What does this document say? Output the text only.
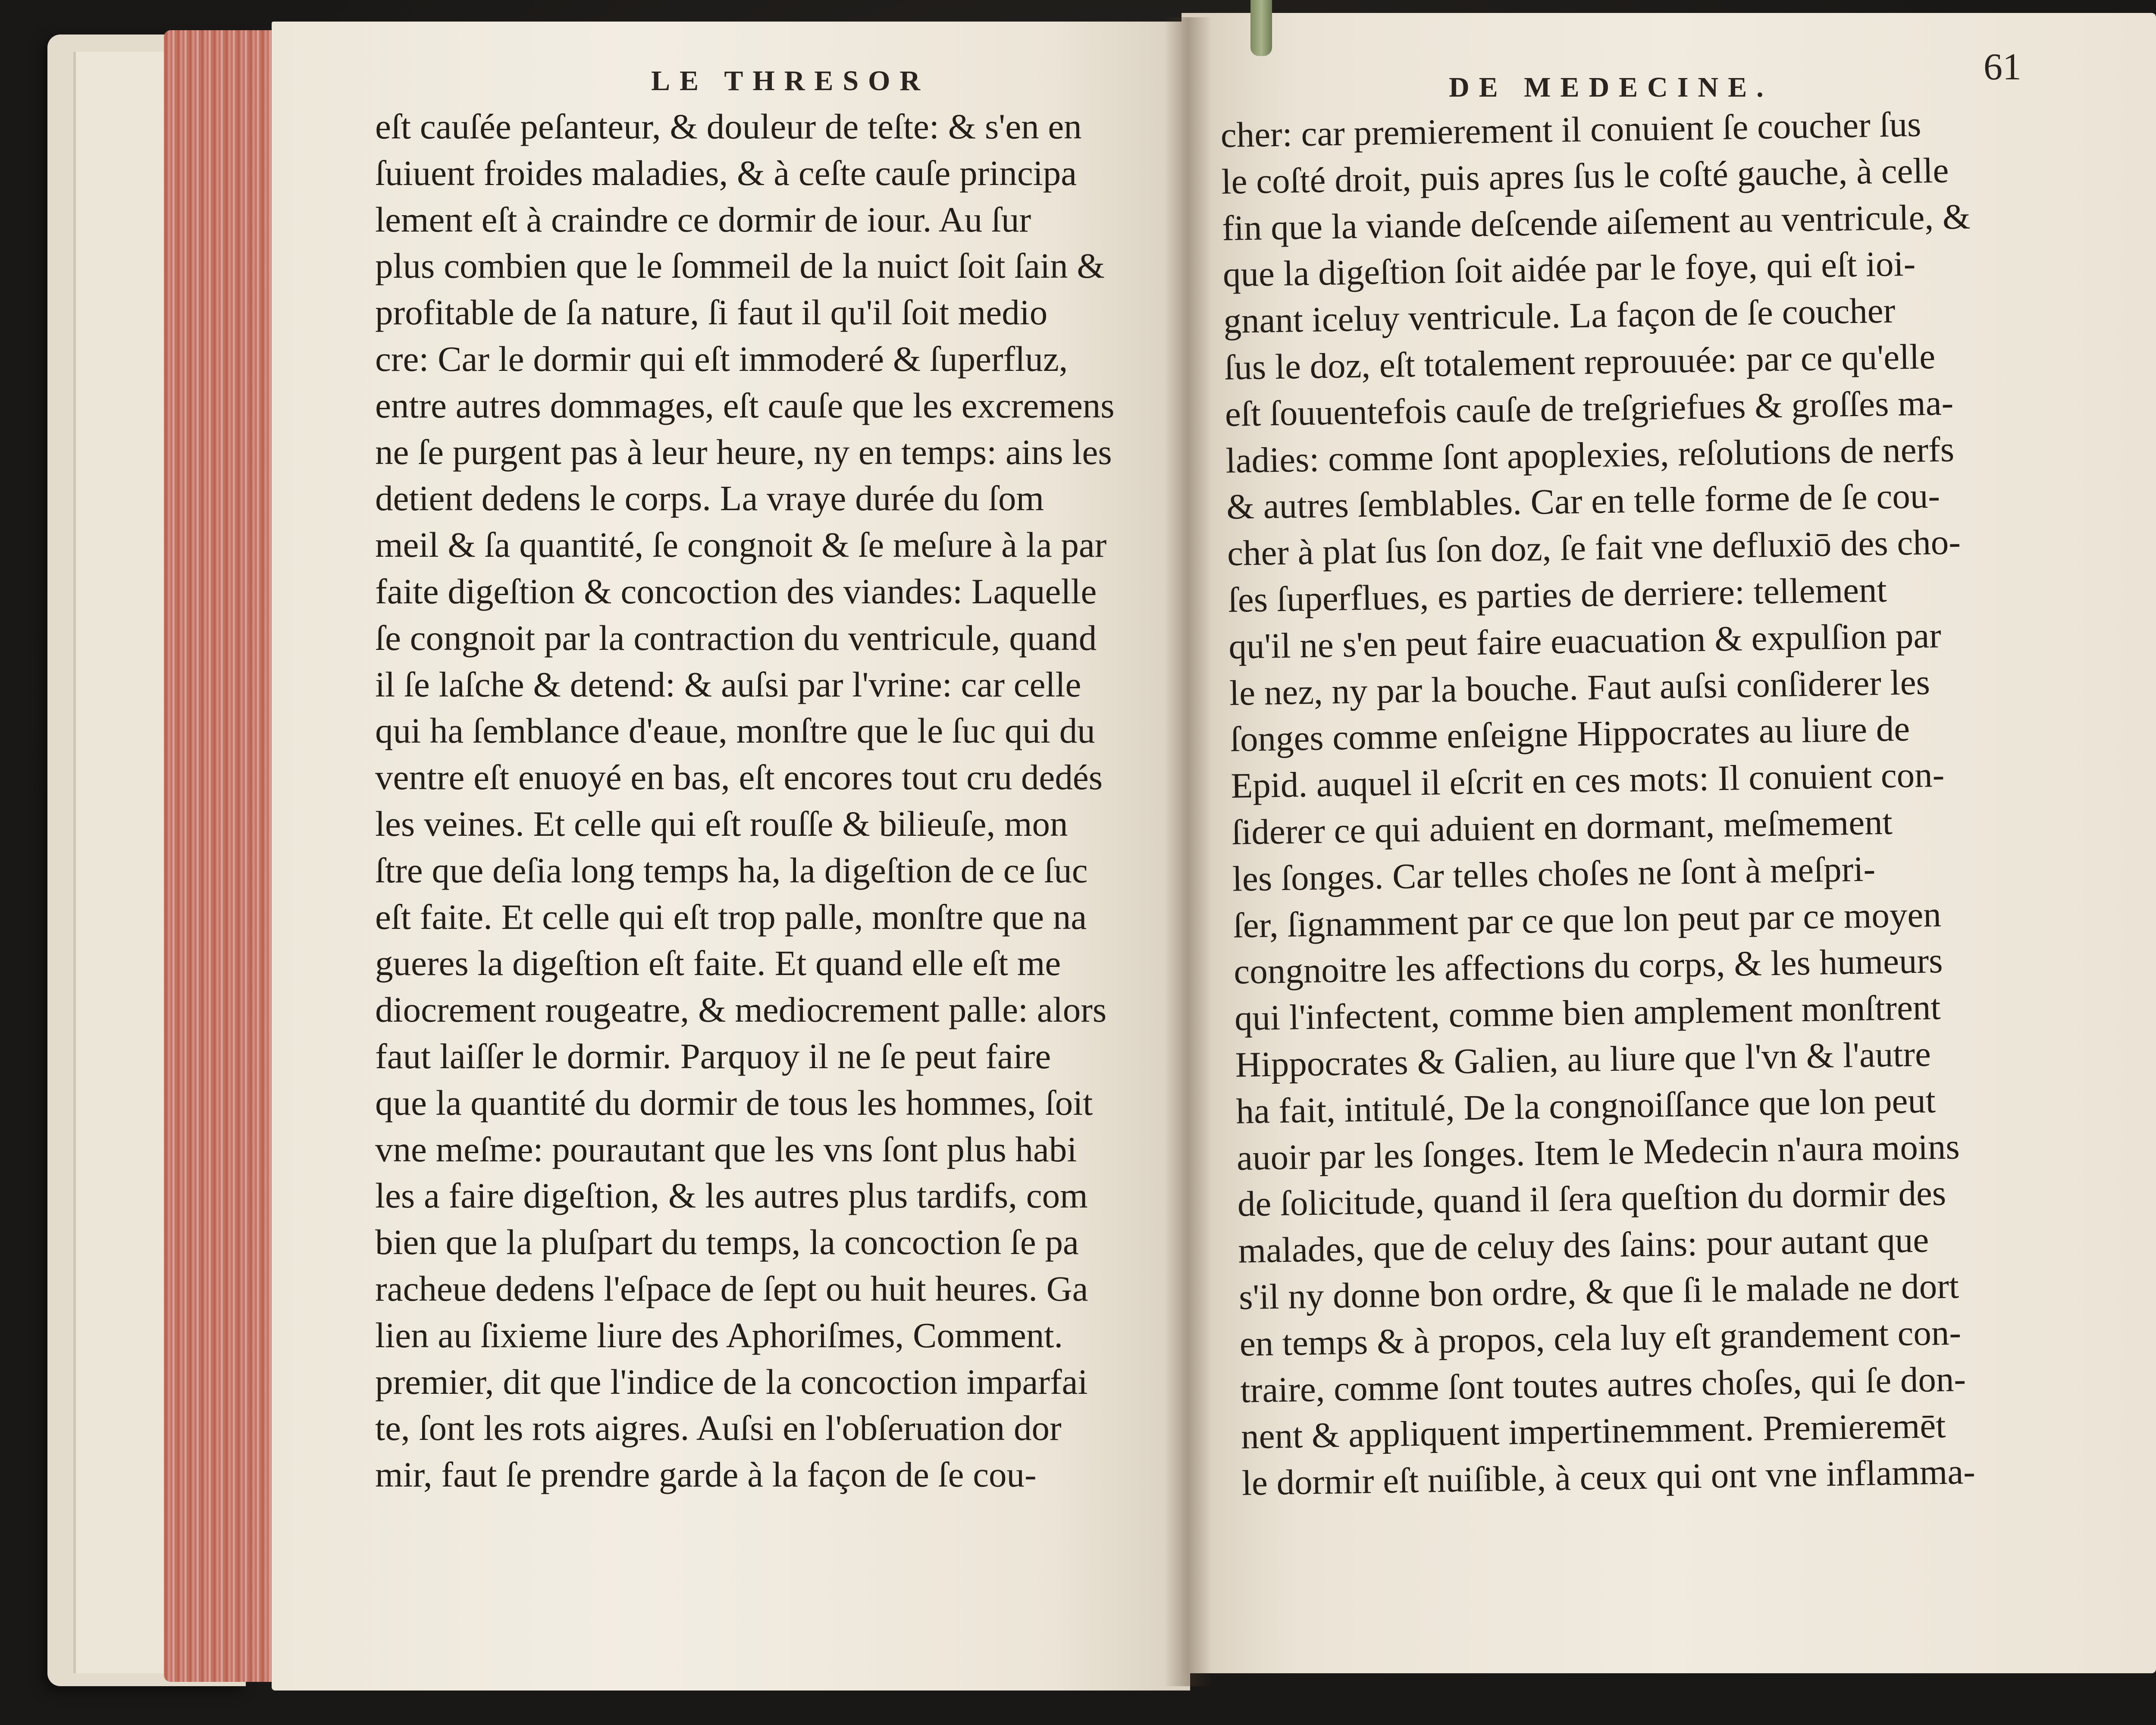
LE THRESOR	DE MEDECINE.	61
eſt cauſée peſanteur, & douleur de teſte: & s'en en
ſuiuent froides maladies, & à ceſte cauſe principa
lement eſt à craindre ce dormir de iour. Au ſur
plus combien que le ſommeil de la nuict ſoit ſain &
profitable de ſa nature, ſi faut il qu'il ſoit medio
cre: Car le dormir qui eſt immoderé & ſuperfluz,
entre autres dommages, eſt cauſe que les excremens
ne ſe purgent pas à leur heure, ny en temps: ains les
detient dedens le corps. La vraye durée du ſom
meil & ſa quantité, ſe congnoit & ſe meſure à la par
faite digeſtion & concoction des viandes: Laquelle
ſe congnoit par la contraction du ventricule, quand
il ſe laſche & detend: & auſsi par l'vrine: car celle
qui ha ſemblance d'eaue, monſtre que le ſuc qui du
ventre eſt enuoyé en bas, eſt encores tout cru dedés
les veines. Et celle qui eſt rouſſe & bilieuſe, mon
ſtre que deſia long temps ha, la digeſtion de ce ſuc
eſt faite. Et celle qui eſt trop palle, monſtre que na
gueres la digeſtion eſt faite. Et quand elle eſt me
diocrement rougeatre, & mediocrement palle: alors
faut laiſſer le dormir. Parquoy il ne ſe peut faire
que la quantité du dormir de tous les hommes, ſoit
vne meſme: pourautant que les vns ſont plus habi
les a faire digeſtion, & les autres plus tardifs, com
bien que la pluſpart du temps, la concoction ſe pa
racheue dedens l'eſpace de ſept ou huit heures. Ga
lien au ſixieme liure des Aphoriſmes, Comment.
premier, dit que l'indice de la concoction imparfai
te, ſont les rots aigres. Auſsi en l'obſeruation dor
mir, faut ſe prendre garde à la façon de ſe cou-
cher: car premierement il conuient ſe coucher ſus
le coſté droit, puis apres ſus le coſté gauche, à celle
fin que la viande deſcende aiſement au ventricule, &
que la digeſtion ſoit aidée par le foye, qui eſt ioi-
gnant iceluy ventricule. La façon de ſe coucher
ſus le doz, eſt totalement reprouuée: par ce qu'elle
eſt ſouuentefois cauſe de treſgriefues & groſſes ma-
ladies: comme ſont apoplexies, reſolutions de nerfs
& autres ſemblables. Car en telle forme de ſe cou-
cher à plat ſus ſon doz, ſe fait vne defluxiō des cho-
ſes ſuperflues, es parties de derriere: tellement
qu'il ne s'en peut faire euacuation & expulſion par
le nez, ny par la bouche. Faut auſsi conſiderer les
ſonges comme enſeigne Hippocrates au liure de
Epid. auquel il eſcrit en ces mots: Il conuient con-
ſiderer ce qui aduient en dormant, meſmement
les ſonges. Car telles choſes ne ſont à meſpri-
ſer, ſignamment par ce que lon peut par ce moyen
congnoitre les affections du corps, & les humeurs
qui l'infectent, comme bien amplement monſtrent
Hippocrates & Galien, au liure que l'vn & l'autre
ha fait, intitulé, De la congnoiſſance que lon peut
auoir par les ſonges. Item le Medecin n'aura moins
de ſolicitude, quand il ſera queſtion du dormir des
malades, que de celuy des ſains: pour autant que
s'il ny donne bon ordre, & que ſi le malade ne dort
en temps & à propos, cela luy eſt grandement con-
traire, comme ſont toutes autres choſes, qui ſe don-
nent & appliquent impertinemment. Premieremēt
le dormir eſt nuiſible, à ceux qui ont vne inflamma-
